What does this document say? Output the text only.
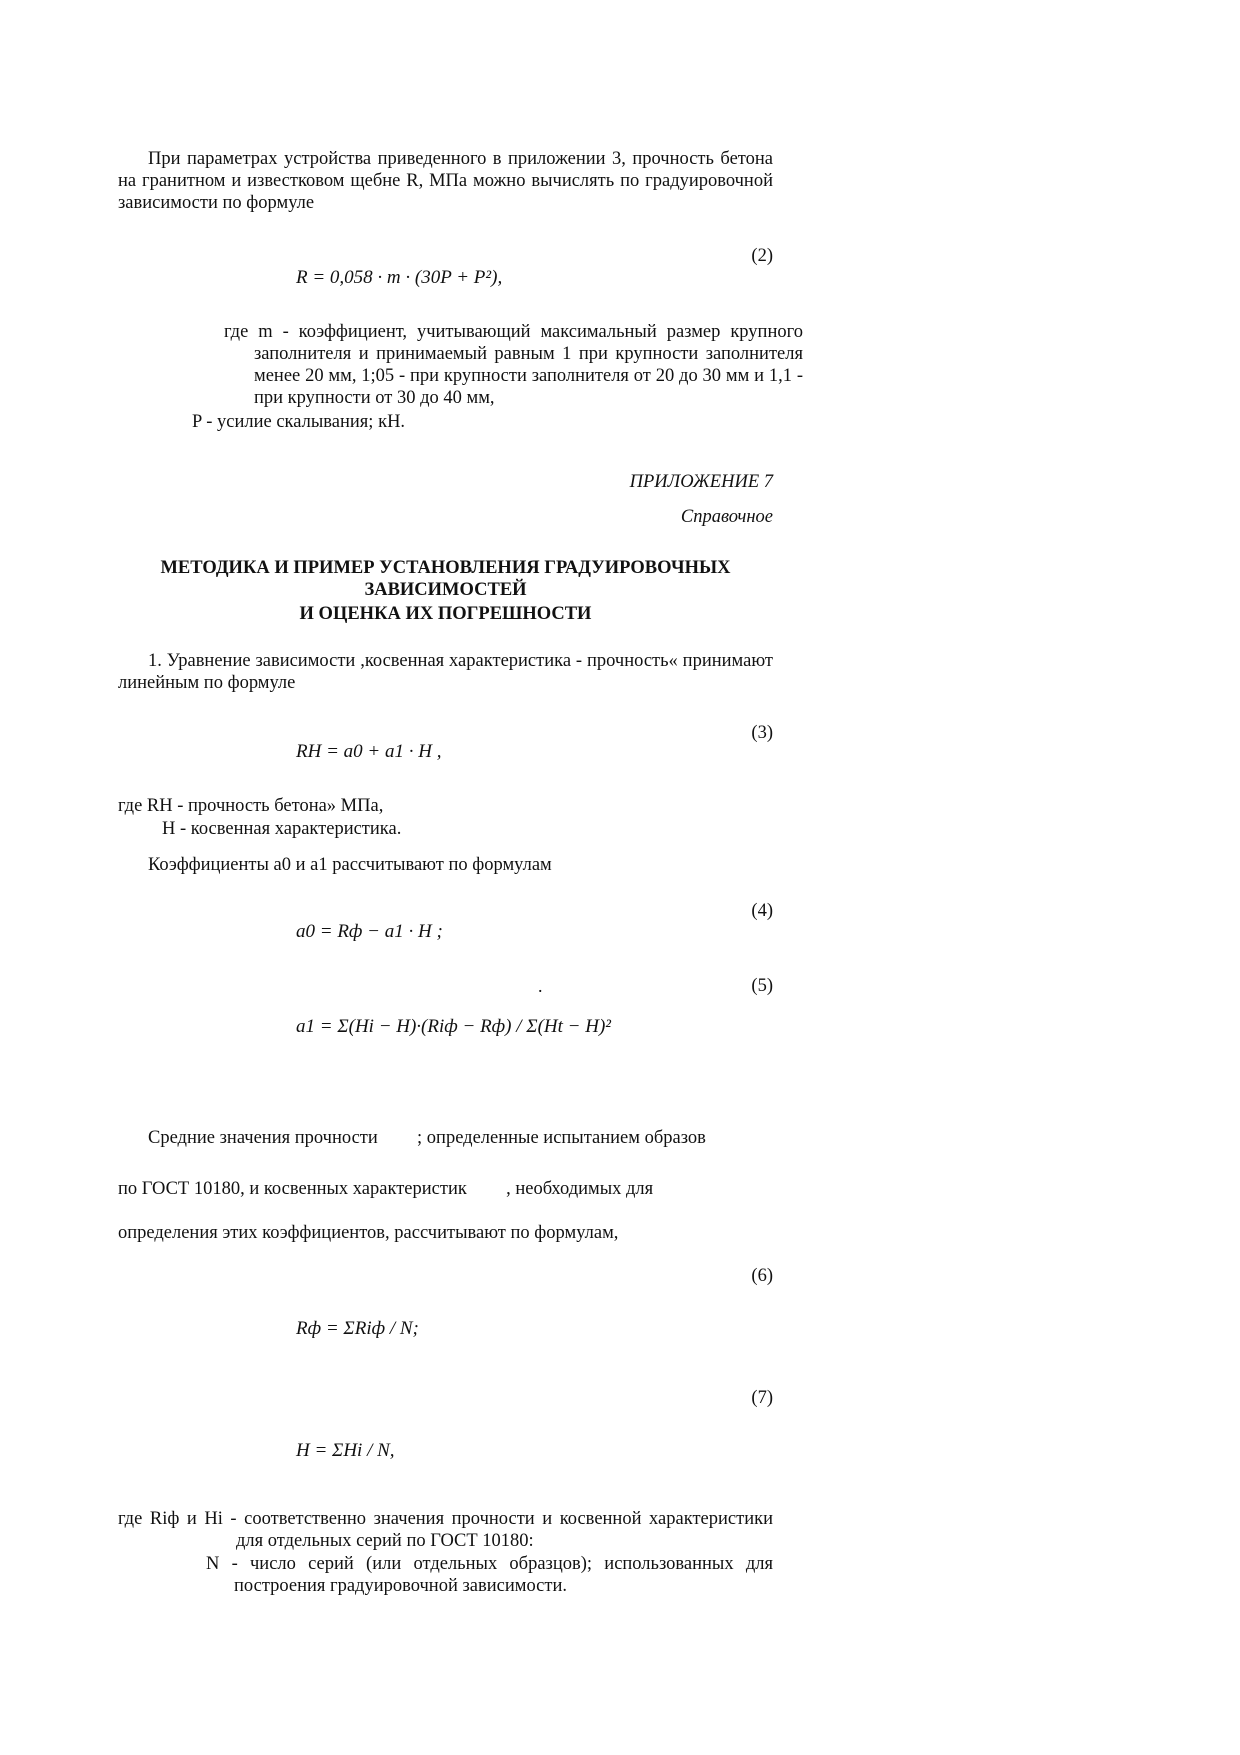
При параметрах устройства приведенного в приложении 3, прочность бетона на гранитном и известковом щебне R, МПа можно вычислять по градуировочной зависимости по формуле
(2)
R = 0,058 · m · (30P + P²),
где m - коэффициент, учитывающий максимальный размер крупного заполнителя и принимаемый равным 1 при крупности заполнителя менее 20 мм, 1;05 - при крупности заполнителя от 20 до 30 мм и 1,1 - при крупности от 30 до 40 мм,
P - усилие скалывания; кН.
ПРИЛОЖЕНИЕ 7
Справочное
МЕТОДИКА И ПРИМЕР УСТАНОВЛЕНИЯ ГРАДУИРОВОЧНЫХ
ЗАВИСИМОСТЕЙ
И ОЦЕНКА ИХ ПОГРЕШНОСТИ
1. Уравнение зависимости ,косвенная характеристика - прочность« принимают линейным по формуле
(3)
RH = a0 + a1 · H ,
где RН - прочность бетона» МПа,
H - косвенная характеристика.
Коэффициенты a0 и a1 рассчитывают по формулам
(4)
a0 = Rф − a1 · H ;
.	(5)
a1 = Σ(Hi − H)·(Riф − Rф) / Σ(Ht − H)²
Средние значения прочности ; определенные испытанием образов
по ГОСТ 10180, и косвенных характеристик , необходимых для
определения этих коэффициентов, рассчитывают по формулам,
(6)
Rф = ΣRiф / N;
(7)
H = ΣHi / N,
где Riф и Hi - соответственно значения прочности и косвенной характеристики для отдельных серий по ГОСТ 10180:
N - число серий (или отдельных образцов); использованных для построения градуировочной зависимости.
